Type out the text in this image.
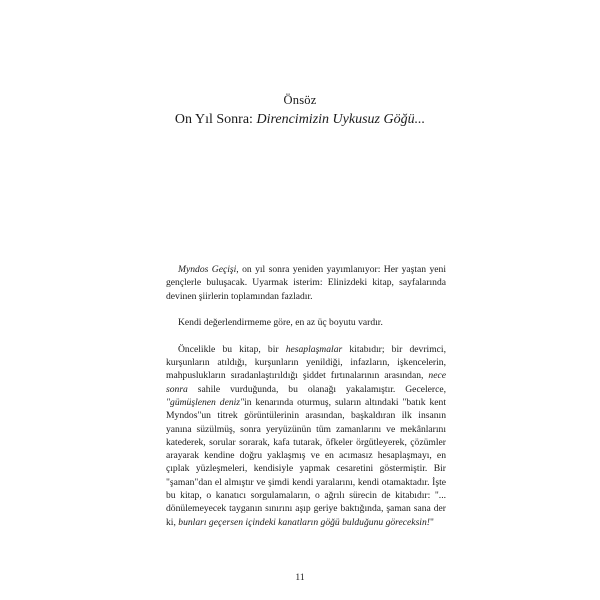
Önsöz
On Yıl Sonra: Direncimizin Uykusuz Göğü...

Myndos Geçişi, on yıl sonra yeniden yayımlanıyor: Her yaştan yeni gençlerle buluşacak. Uyarmak isterim: Elinizdeki kitap, sayfalarında devinen şiirlerin toplamından fazladır.

Kendi değerlendirmeme göre, en az üç boyutu vardır.

Öncelikle bu kitap, bir hesaplaşmalar kitabıdır; bir devrimci, kurşunların atıldığı, kurşunların yenildiği, infazların, işkencelerin, mahpuslukların sıradanlaştırıldığı şiddet fırtınalarının arasından, nece sonra sahile vurduğunda, bu olanağı yakalamıştır. Gecelerce, "gümüşlenen deniz"in kenarında oturmuş, suların altındaki "batık kent Myndos"un titrek görüntülerinin arasından, başkaldıran ilk insanın yanına süzülmüş, sonra yeryüzünün tüm zamanlarını ve mekânlarını katederek, sorular sorarak, kafa tutarak, öfkeler örgütleyerek, çözümler arayarak kendine doğru yaklaşmış ve en acımasız hesaplaşmayı, en çıplak yüzleşmeleri, kendisiyle yapmak cesaretini göstermiştir. Bir "şaman"dan el almıştır ve şimdi kendi yaralarını, kendi otamaktadır. İşte bu kitap, o kanatıcı sorgulamaların, o ağrılı sürecin de kitabıdır: "... dönülemeyecek tayganın sınırını aşıp geriye baktığında, şaman sana der ki, bunları geçersen içindeki kanatların göğü bulduğunu göreceksin!"

11
